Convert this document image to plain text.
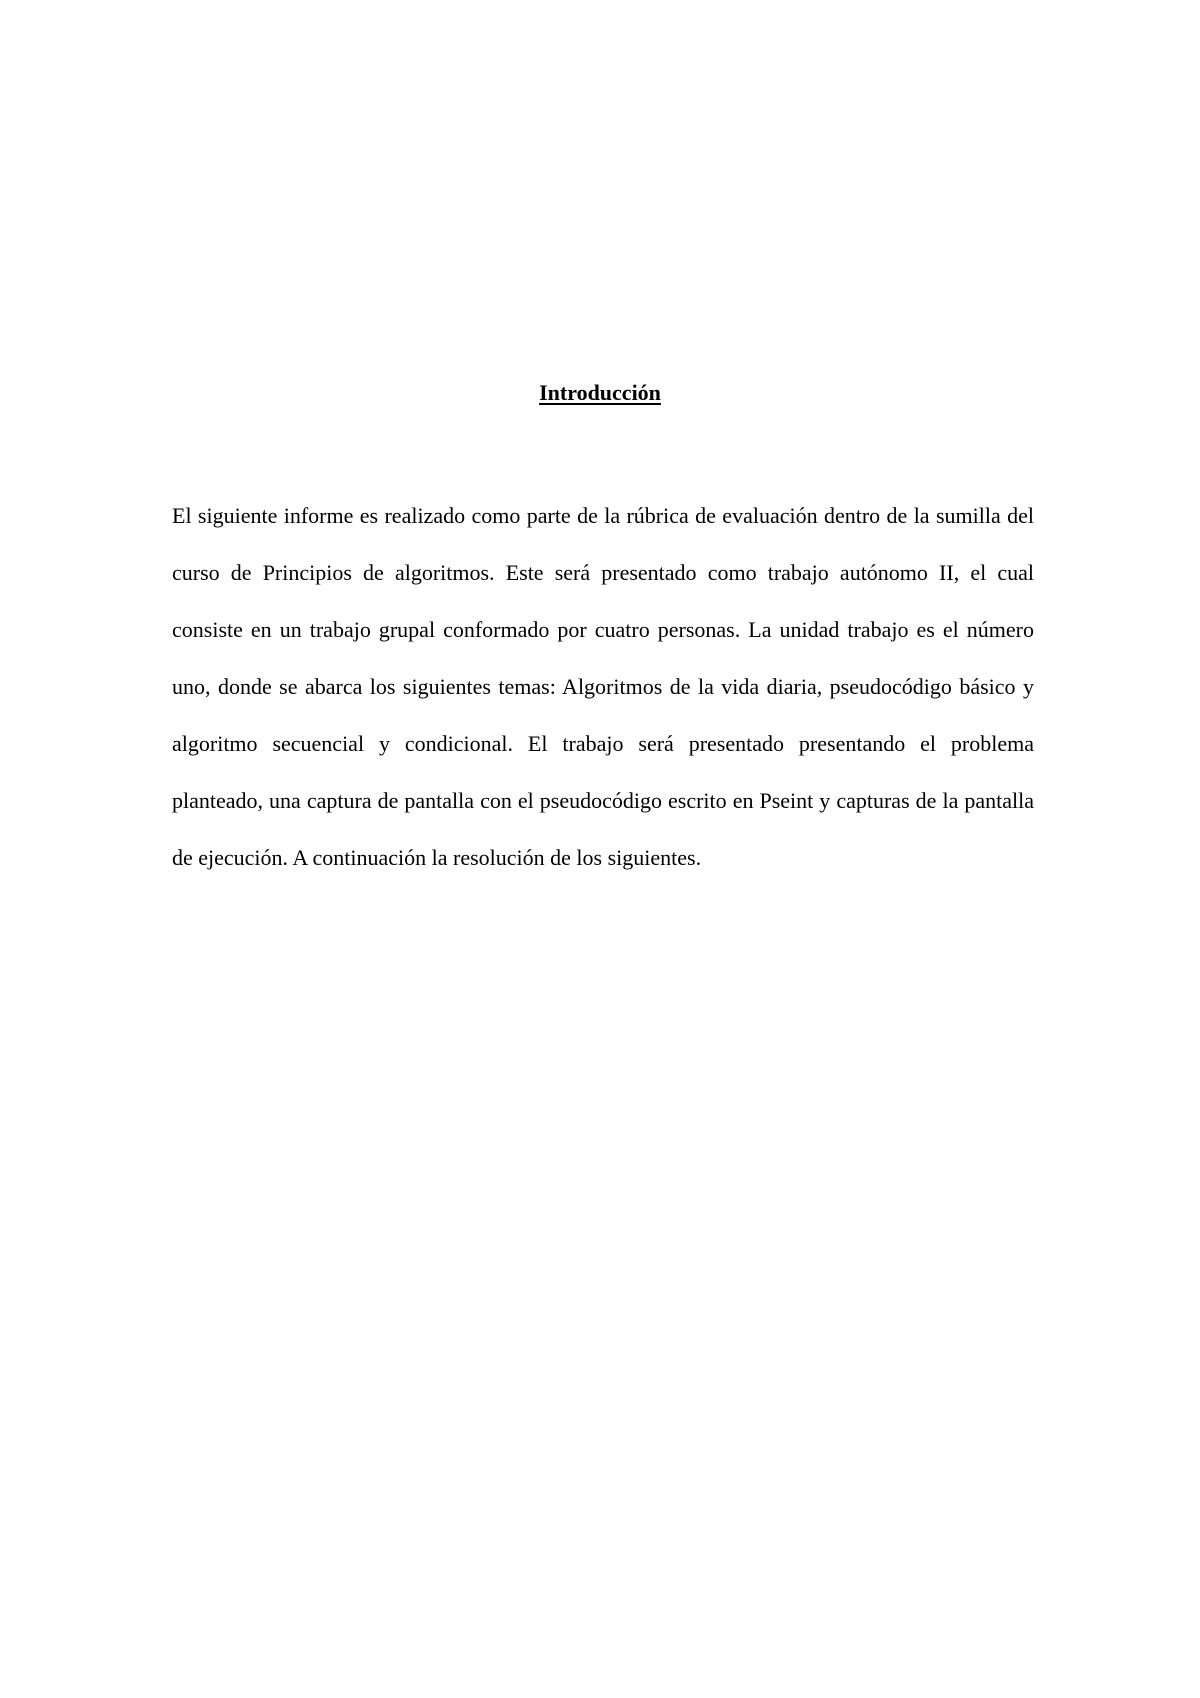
Introducción

El siguiente informe es realizado como parte de la rúbrica de evaluación dentro de la sumilla del curso de Principios de algoritmos. Este será presentado como trabajo autónomo II, el cual consiste en un trabajo grupal conformado por cuatro personas. La unidad trabajo es el número uno, donde se abarca los siguientes temas: Algoritmos de la vida diaria, pseudocódigo básico y algoritmo secuencial y condicional. El trabajo será presentado presentando el problema planteado, una captura de pantalla con el pseudocódigo escrito en Pseint y capturas de la pantalla de ejecución. A continuación la resolución de los siguientes.
